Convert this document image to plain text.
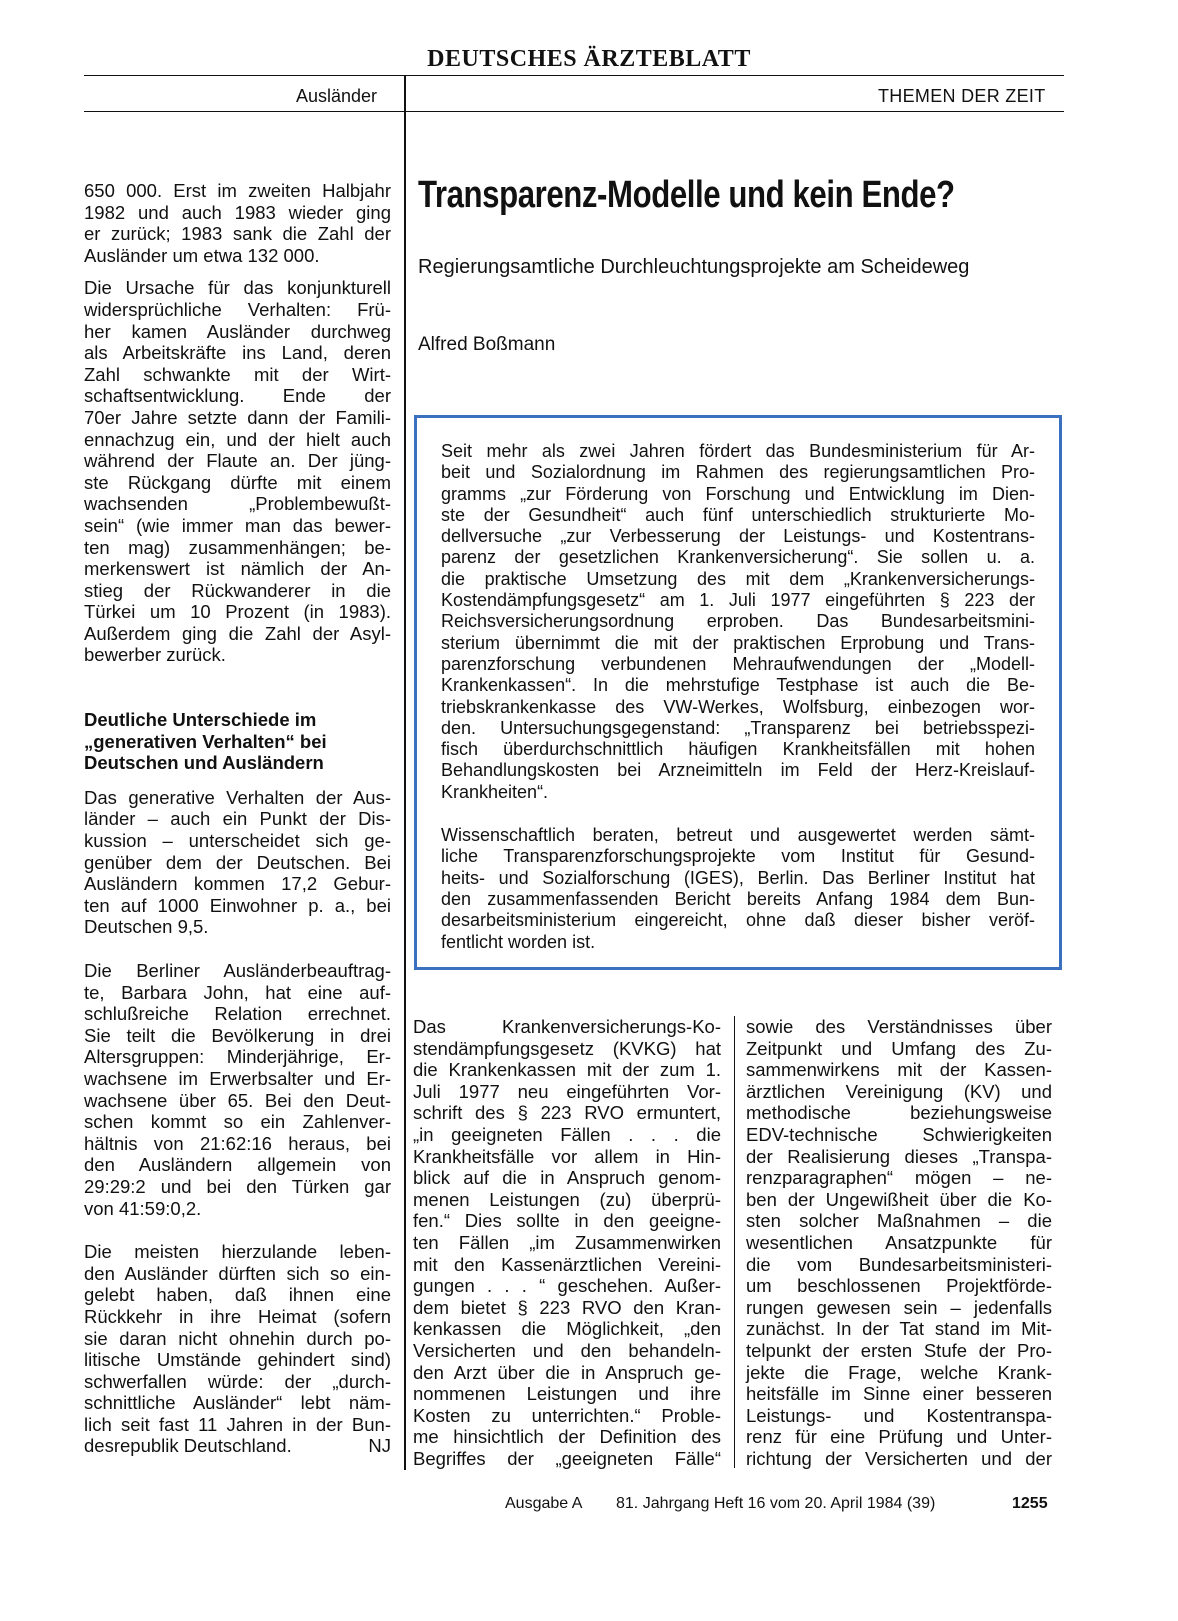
DEUTSCHES ÄRZTEBLATT
Ausländer	THEMEN DER ZEIT
650 000. Erst im zweiten Halbjahr
1982 und auch 1983 wieder ging
er zurück; 1983 sank die Zahl der
Ausländer um etwa 132 000.
Die Ursache für das konjunkturell
widersprüchliche Verhalten: Frü-
her kamen Ausländer durchweg
als Arbeitskräfte ins Land, deren
Zahl schwankte mit der Wirt-
schaftsentwicklung. Ende der
70er Jahre setzte dann der Famili-
ennachzug ein, und der hielt auch
während der Flaute an. Der jüng-
ste Rückgang dürfte mit einem
wachsenden „Problembewußt-
sein“ (wie immer man das bewer-
ten mag) zusammenhängen; be-
merkenswert ist nämlich der An-
stieg der Rückwanderer in die
Türkei um 10 Prozent (in 1983).
Außerdem ging die Zahl der Asyl-
bewerber zurück.
Deutliche Unterschiede im
„generativen Verhalten“ bei
Deutschen und Ausländern
Das generative Verhalten der Aus-
länder – auch ein Punkt der Dis-
kussion – unterscheidet sich ge-
genüber dem der Deutschen. Bei
Ausländern kommen 17,2 Gebur-
ten auf 1000 Einwohner p. a., bei
Deutschen 9,5.
Die Berliner Ausländerbeauftrag-
te, Barbara John, hat eine auf-
schlußreiche Relation errechnet.
Sie teilt die Bevölkerung in drei
Altersgruppen: Minderjährige, Er-
wachsene im Erwerbsalter und Er-
wachsene über 65. Bei den Deut-
schen kommt so ein Zahlenver-
hältnis von 21:62:16 heraus, bei
den Ausländern allgemein von
29:29:2 und bei den Türken gar
von 41:59:0,2.
Die meisten hierzulande leben-
den Ausländer dürften sich so ein-
gelebt haben, daß ihnen eine
Rückkehr in ihre Heimat (sofern
sie daran nicht ohnehin durch po-
litische Umstände gehindert sind)
schwerfallen würde: der „durch-
schnittliche Ausländer“ lebt näm-
lich seit fast 11 Jahren in der Bun-
desrepublik Deutschland.	NJ
Transparenz-Modelle und kein Ende?
Regierungsamtliche Durchleuchtungsprojekte am Scheideweg
Alfred Boßmann
Seit mehr als zwei Jahren fördert das Bundesministerium für Ar-
beit und Sozialordnung im Rahmen des regierungsamtlichen Pro-
gramms „zur Förderung von Forschung und Entwicklung im Dien-
ste der Gesundheit“ auch fünf unterschiedlich strukturierte Mo-
dellversuche „zur Verbesserung der Leistungs- und Kostentrans-
parenz der gesetzlichen Krankenversicherung“. Sie sollen u. a.
die praktische Umsetzung des mit dem „Krankenversicherungs-
Kostendämpfungsgesetz“ am 1. Juli 1977 eingeführten § 223 der
Reichsversicherungsordnung erproben. Das Bundesarbeitsmini-
sterium übernimmt die mit der praktischen Erprobung und Trans-
parenzforschung verbundenen Mehraufwendungen der „Modell-
Krankenkassen“. In die mehrstufige Testphase ist auch die Be-
triebskrankenkasse des VW-Werkes, Wolfsburg, einbezogen wor-
den. Untersuchungsgegenstand: „Transparenz bei betriebsspezi-
fisch überdurchschnittlich häufigen Krankheitsfällen mit hohen
Behandlungskosten bei Arzneimitteln im Feld der Herz-Kreislauf-
Krankheiten“.
Wissenschaftlich beraten, betreut und ausgewertet werden sämt-
liche Transparenzforschungsprojekte vom Institut für Gesund-
heits- und Sozialforschung (IGES), Berlin. Das Berliner Institut hat
den zusammenfassenden Bericht bereits Anfang 1984 dem Bun-
desarbeitsministerium eingereicht, ohne daß dieser bisher veröf-
fentlicht worden ist.
Das Krankenversicherungs-Ko-
stendämpfungsgesetz (KVKG) hat
die Krankenkassen mit der zum 1.
Juli 1977 neu eingeführten Vor-
schrift des § 223 RVO ermuntert,
„in geeigneten Fällen . . . die
Krankheitsfälle vor allem in Hin-
blick auf die in Anspruch genom-
menen Leistungen (zu) überprü-
fen.“ Dies sollte in den geeigne-
ten Fällen „im Zusammenwirken
mit den Kassenärztlichen Vereini-
gungen . . . “ geschehen. Außer-
dem bietet § 223 RVO den Kran-
kenkassen die Möglichkeit, „den
Versicherten und den behandeln-
den Arzt über die in Anspruch ge-
nommenen Leistungen und ihre
Kosten zu unterrichten.“ Proble-
me hinsichtlich der Definition des
Begriffes der „geeigneten Fälle“
sowie des Verständnisses über
Zeitpunkt und Umfang des Zu-
sammenwirkens mit der Kassen-
ärztlichen Vereinigung (KV) und
methodische beziehungsweise
EDV-technische Schwierigkeiten
der Realisierung dieses „Transpa-
renzparagraphen“ mögen – ne-
ben der Ungewißheit über die Ko-
sten solcher Maßnahmen – die
wesentlichen Ansatzpunkte für
die vom Bundesarbeitsministeri-
um beschlossenen Projektförde-
rungen gewesen sein – jedenfalls
zunächst. In der Tat stand im Mit-
telpunkt der ersten Stufe der Pro-
jekte die Frage, welche Krank-
heitsfälle im Sinne einer besseren
Leistungs- und Kostentranspa-
renz für eine Prüfung und Unter-
richtung der Versicherten und der
Ausgabe A 81. Jahrgang Heft 16 vom 20. April 1984 (39)	1255
